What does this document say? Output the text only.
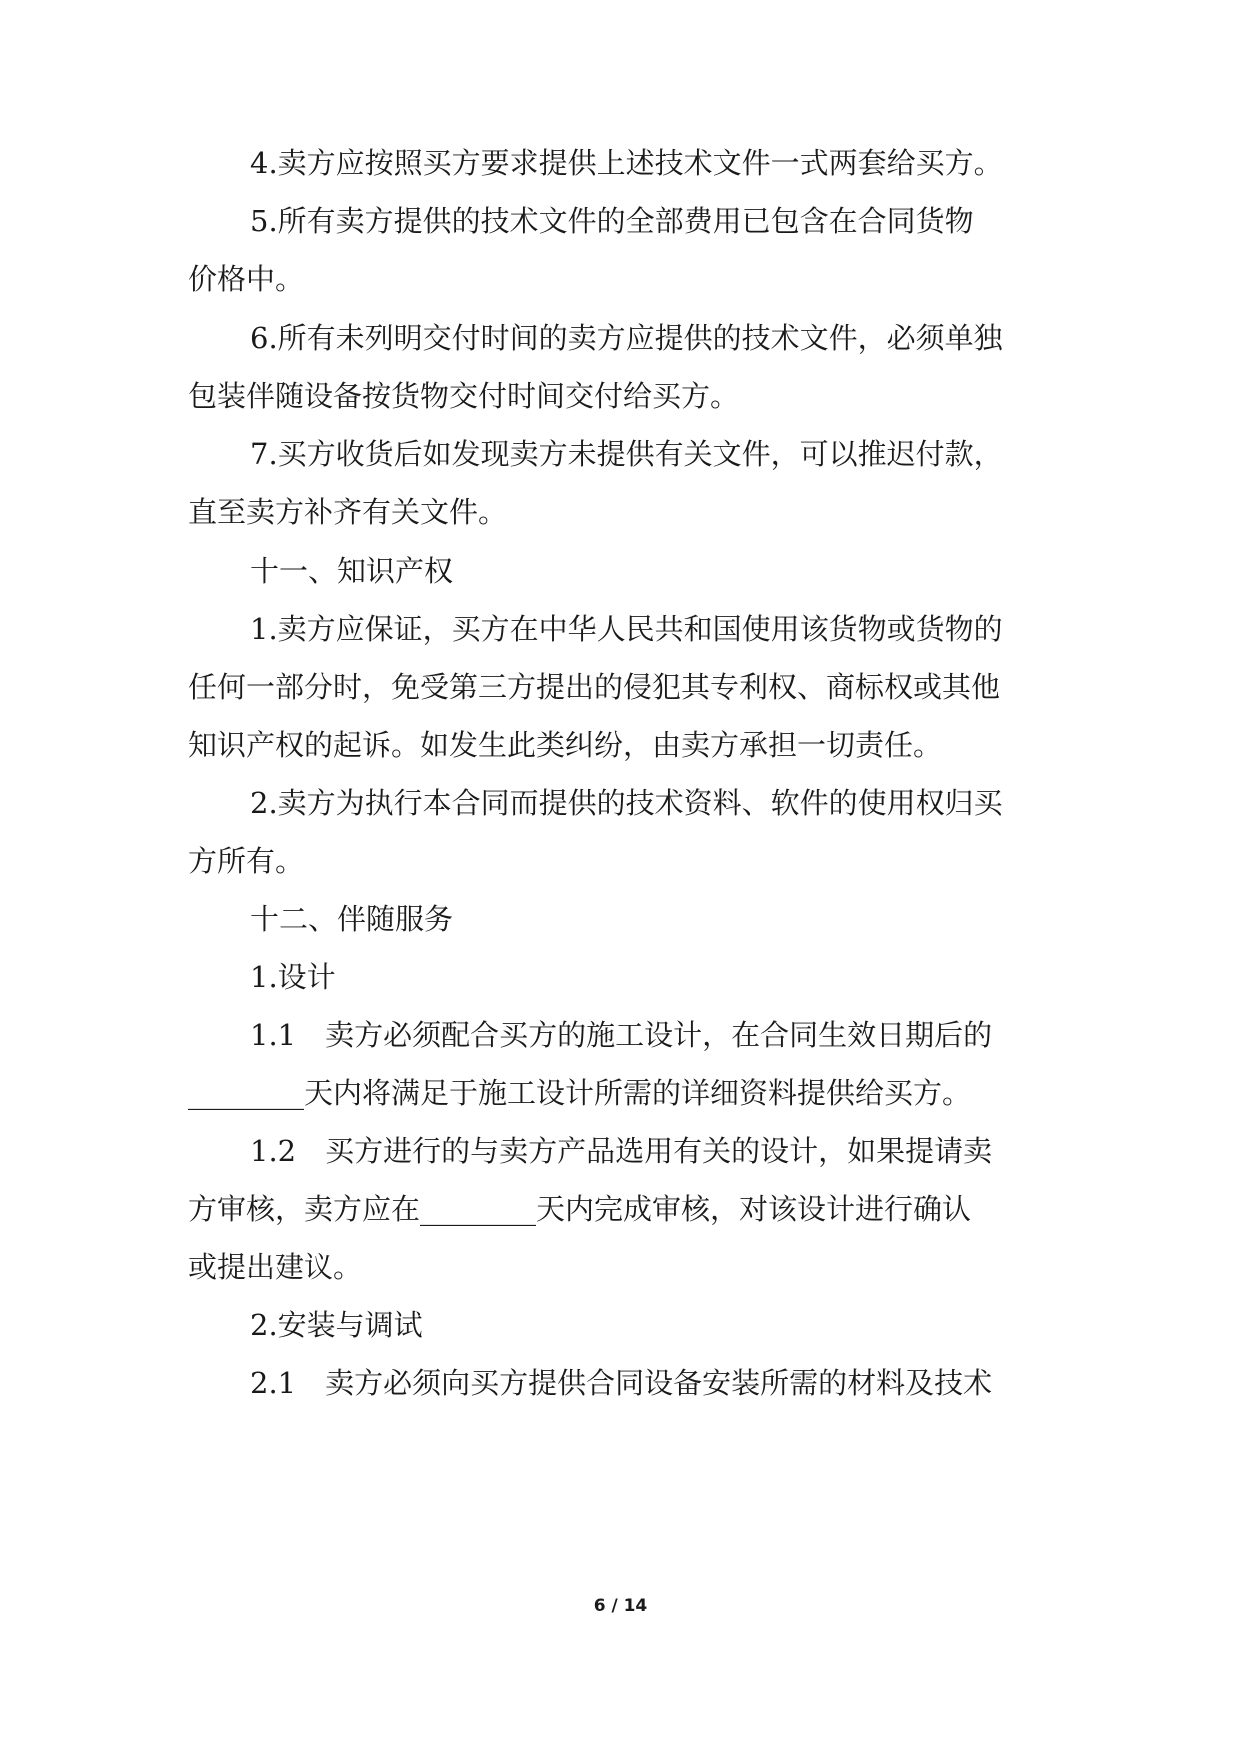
4.卖方应按照买方要求提供上述技术文件一式两套给买方。
5.所有卖方提供的技术文件的全部费用已包含在合同货物
价格中。
6.所有未列明交付时间的卖方应提供的技术文件，必须单独
包装伴随设备按货物交付时间交付给买方。
7.买方收货后如发现卖方未提供有关文件，可以推迟付款，
直至卖方补齐有关文件。
十一、知识产权
1.卖方应保证，买方在中华人民共和国使用该货物或货物的
任何一部分时，免受第三方提出的侵犯其专利权、商标权或其他
知识产权的起诉。如发生此类纠纷，由卖方承担一切责任。
2.卖方为执行本合同而提供的技术资料、软件的使用权归买
方所有。
十二、伴随服务
1.设计
1.1　卖方必须配合买方的施工设计，在合同生效日期后的
________天内将满足于施工设计所需的详细资料提供给买方。
1.2　买方进行的与卖方产品选用有关的设计，如果提请卖
方审核，卖方应在________天内完成审核，对该设计进行确认
或提出建议。
2.安装与调试
2.1　卖方必须向买方提供合同设备安装所需的材料及技术
6 / 14
